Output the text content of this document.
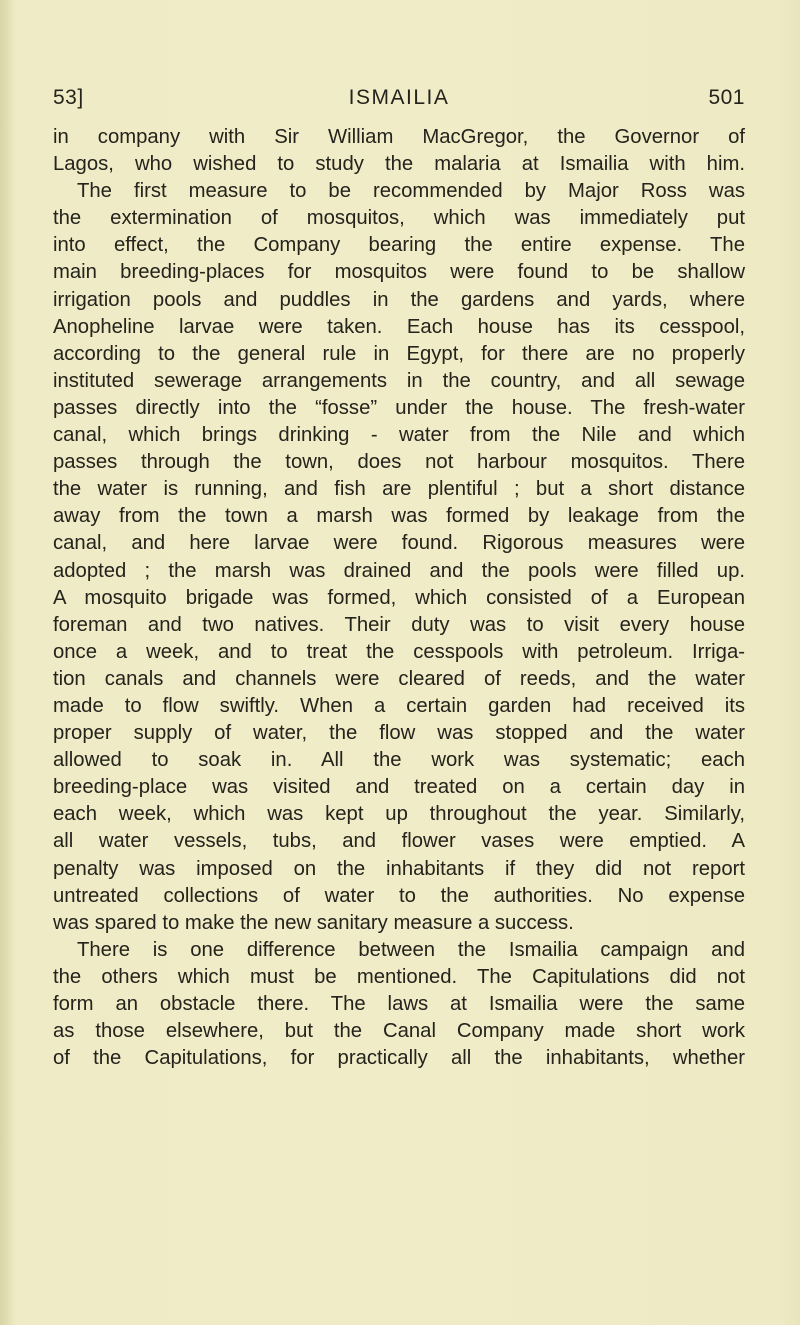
53]	ISMAILIA	501
in company with Sir William MacGregor, the Governor of
Lagos, who wished to study the malaria at Ismailia with him.
The first measure to be recommended by Major Ross was
the extermination of mosquitos, which was immediately put
into effect, the Company bearing the entire expense. The
main breeding-places for mosquitos were found to be shallow
irrigation pools and puddles in the gardens and yards, where
Anopheline larvae were taken. Each house has its cesspool,
according to the general rule in Egypt, for there are no properly
instituted sewerage arrangements in the country, and all sewage
passes directly into the “fosse” under the house. The fresh-water
canal, which brings drinking - water from the Nile and which
passes through the town, does not harbour mosquitos. There
the water is running, and fish are plentiful ; but a short distance
away from the town a marsh was formed by leakage from the
canal, and here larvae were found. Rigorous measures were
adopted ; the marsh was drained and the pools were filled up.
A mosquito brigade was formed, which consisted of a European
foreman and two natives. Their duty was to visit every house
once a week, and to treat the cesspools with petroleum. Irriga-
tion canals and channels were cleared of reeds, and the water
made to flow swiftly. When a certain garden had received its
proper supply of water, the flow was stopped and the water
allowed to soak in. All the work was systematic; each
breeding-place was visited and treated on a certain day in
each week, which was kept up throughout the year. Similarly,
all water vessels, tubs, and flower vases were emptied. A
penalty was imposed on the inhabitants if they did not report
untreated collections of water to the authorities. No expense
was spared to make the new sanitary measure a success.
There is one difference between the Ismailia campaign and
the others which must be mentioned. The Capitulations did not
form an obstacle there. The laws at Ismailia were the same
as those elsewhere, but the Canal Company made short work
of the Capitulations, for practically all the inhabitants, whether
